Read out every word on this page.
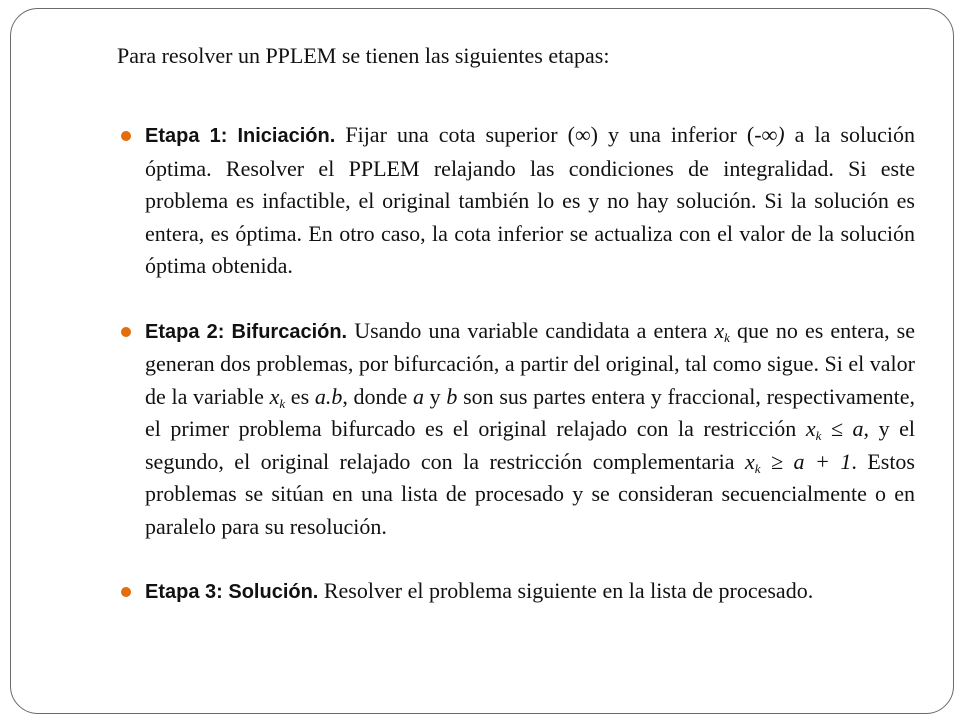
Para resolver un PPLEM se tienen las siguientes etapas:

Etapa 1: Iniciación. Fijar una cota superior (∞) y una inferior (-∞) a la solución óptima. Resolver el PPLEM relajando las condiciones de integralidad. Si este problema es infactible, el original también lo es y no hay solución. Si la solución es entera, es óptima. En otro caso, la cota inferior se actualiza con el valor de la solución óptima obtenida.
Etapa 2: Bifurcación. Usando una variable candidata a entera $x_k$ que no es entera, se generan dos problemas, por bifurcación, a partir del original, tal como sigue. Si el valor de la variable $x_k$ es a.b, donde a y b son sus partes entera y fraccional, respectivamente, el primer problema bifurcado es el original relajado con la restricción $x_k \le a$, y el segundo, el original relajado con la restricción complementaria $x_k \ge a + 1$. Estos problemas se sitúan en una lista de procesado y se consideran secuencialmente o en paralelo para su resolución.
Etapa 3: Solución. Resolver el problema siguiente en la lista de procesado.
